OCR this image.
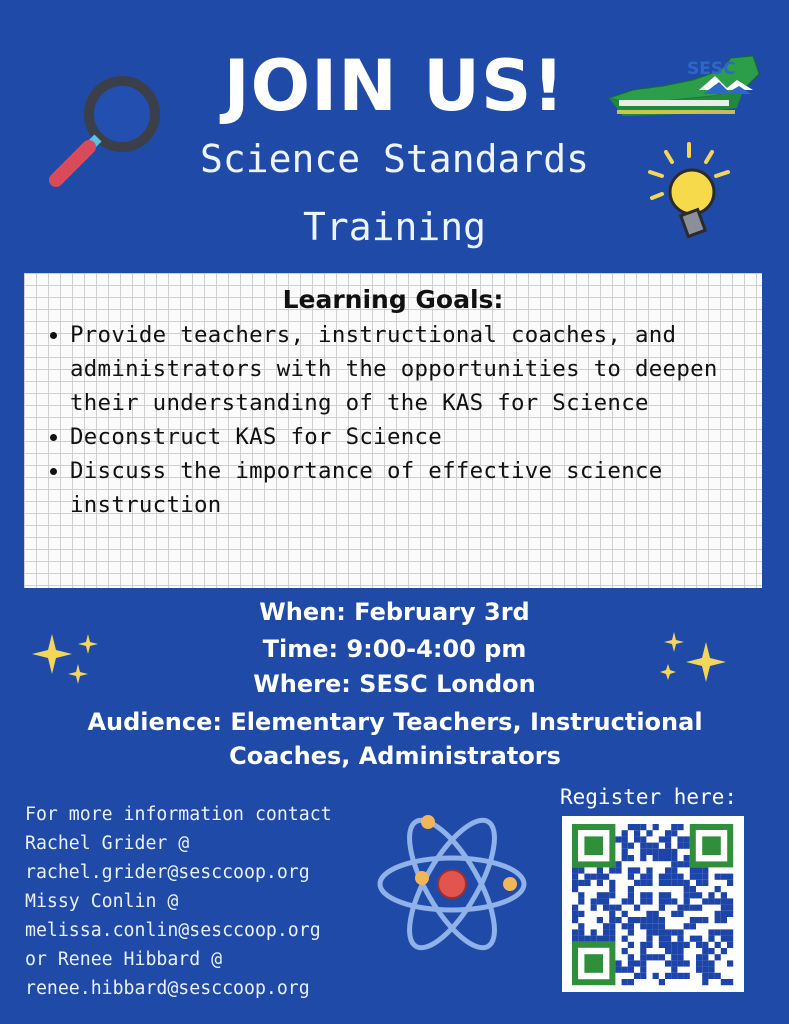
JOIN US!	SESC
Science Standards
Training
Learning Goals:
• Provide teachers, instructional coaches, and administrators with the opportunities to deepen their understanding of the KAS for Science
• Deconstruct KAS for Science
• Discuss the importance of effective science instruction
When: February 3rd
Time: 9:00-4:00 pm
Where: SESC London
Audience: Elementary Teachers, Instructional Coaches, Administrators
For more information contact
Rachel Grider @
rachel.grider@sesccoop.org
Missy Conlin @
melissa.conlin@sesccoop.org
or Renee Hibbard @
renee.hibbard@sesccoop.org
Register here:
